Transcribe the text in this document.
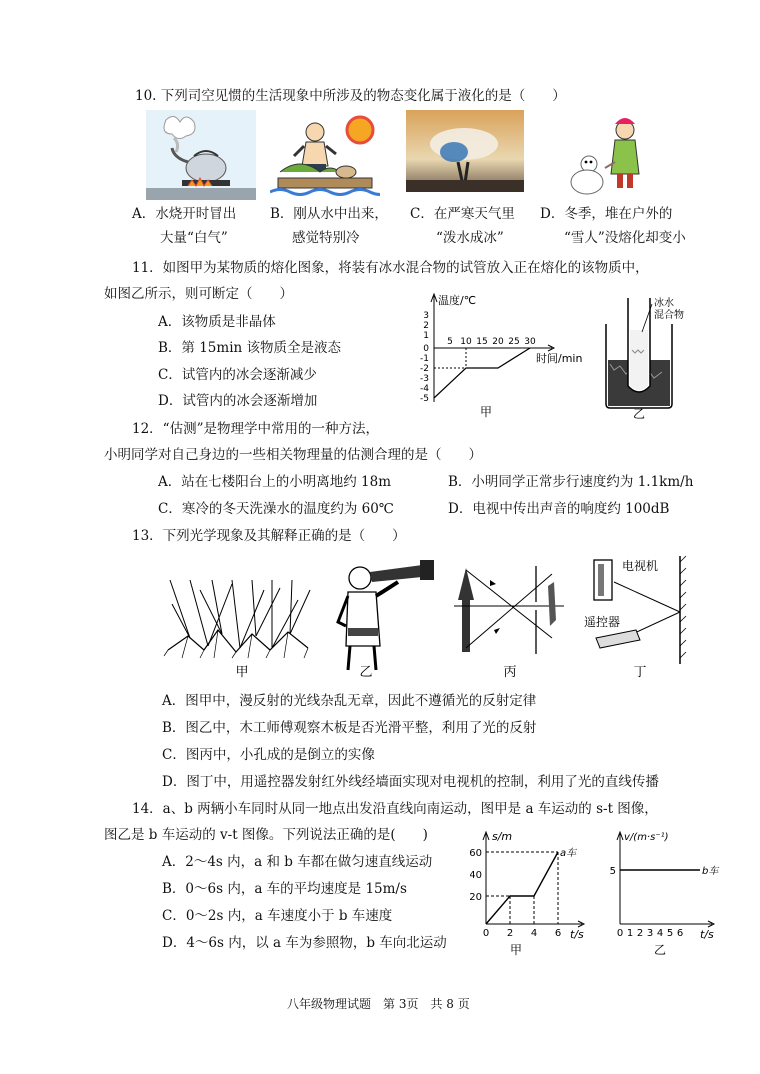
10. 下列司空见惯的生活现象中所涉及的物态变化属于液化的是（　　）
A．水烧开时冒出
大量“白气”
B．刚从水中出来，
感觉特别冷
C．在严寒天气里
“泼水成冰”
D．冬季，堆在户外的
“雪人”没熔化却变小
11．如图甲为某物质的熔化图象，将装有冰水混合物的试管放入正在熔化的该物质中，
如图乙所示，则可断定（　　）
A．该物质是非晶体
B．第 15min 该物质全是液态
C．试管内的冰会逐渐减少
D．试管内的冰会逐渐增加
温度/℃
时间/min
3
2
1
0
-1
-2
-3
-4
-5
5 10 15 20 25 30
甲
冰水
混合物
乙
12．“估测”是物理学中常用的一种方法，
小明同学对自己身边的一些相关物理量的估测合理的是（　　）
A．站在七楼阳台上的小明离地约 18m	B．小明同学正常步行速度约为 1.1km/h
C．寒冷的冬天洗澡水的温度约为 60℃	D．电视中传出声音的响度约 100dB
13．下列光学现象及其解释正确的是（　　）
甲	乙	丙
电视机
遥控器
丁
A．图甲中，漫反射的光线杂乱无章，因此不遵循光的反射定律
B．图乙中，木工师傅观察木板是否光滑平整，利用了光的反射
C．图丙中，小孔成的是倒立的实像
D．图丁中，用遥控器发射红外线经墙面实现对电视机的控制，利用了光的直线传播
14．a、b 两辆小车同时从同一地点出发沿直线向南运动，图甲是 a 车运动的 s-t 图像，
图乙是 b 车运动的 v-t 图像。下列说法正确的是(　　)
A．2～4s 内，a 和 b 车都在做匀速直线运动
B．0～6s 内，a 车的平均速度是 15m/s
C．0～2s 内，a 车速度小于 b 车速度
D．4～6s 内，以 a 车为参照物，b 车向北运动
s/m
t/s
60
40
20
0 2 4 6
a车
甲
v/(m·s⁻¹)
t/s
5
0 1 2 3 4 5 6
b车
乙
八年级物理试题　第 3页　共 8 页
